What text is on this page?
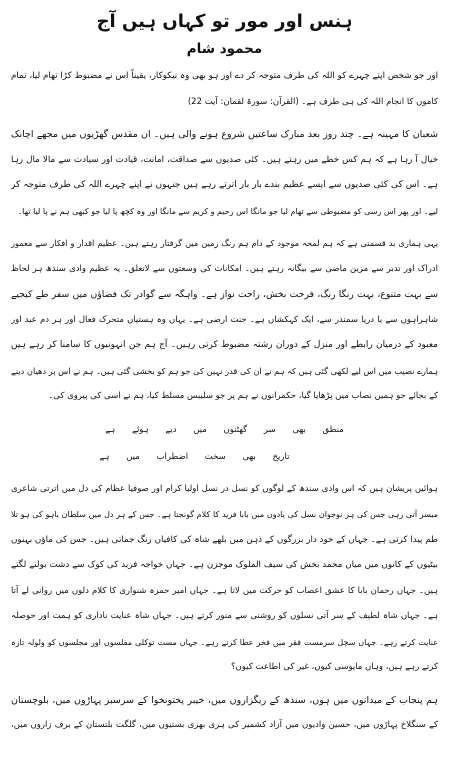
ہنس اور مور تو کہاں ہیں آج
محمود شام
اور جو شخص اپنے چہرے کو اللہ کی طرف متوجہ کر دے اور ہو بھی وہ نیکوکار، یقیناً اس نے مضبوط کڑا تھام لیا، تمام
کاموں کا انجام اللہ کی ہی طرف ہے۔ (القرآن: سورۃ لقمان: آیت 22)
شعبان کا مہینہ ہے۔ چند روز بعد مبارک ساعتیں شروع ہونے والی ہیں۔ ان مقدس گھڑیوں میں مجھے اچانک
خیال آ رہا ہے کہ ہم کس خطے میں رہتے ہیں۔ کئی صدیوں سے صداقت، امانت، قیادت اور سیادت سے مالا مال رہا
ہے۔ اس کی کئی صدیوں سے ایسے عظیم بندے بار بار اترتے رہے ہیں جنہوں نے اپنے چہرے اللہ کی طرف متوجہ کر
لیے۔ اور پھر اس رسی کو مضبوطی سے تھام لیا جو مانگا اس رحیم و کریم سے مانگا اور وہ کچھ پا لیا جو کبھی ہم نے پا لیا تھا۔
یہی ہماری بد قسمتی ہے کہ ہم لمحہ موجود کے دام ہم رنگ زمین میں گرفتار رہتے ہیں۔ عظیم اقدار و افکار سے معمور
ادراک اور تدبر سے مزین ماضی سے بیگانہ رہتے ہیں۔ امکانات کی وسعتوں سے لاتعلق۔ یہ عظیم وادی سندھ ہر لحاظ
سے بہت متنوع، بہت رنگا رنگ، فرحت بخش، راحت نواز ہے۔ واہگہ سے گوادر تک فضاؤں میں سفر طے کیجیے
شاہراہوں سے یا دریا سمندر سے، ایک کہکشاں ہے۔ جنت ارضی ہے۔ یہاں وہ ہستیاں متحرک فعال اور ہر دم عبد اور
معبود کے درمیان رابطے اور منزل کے دوران رشتہ مضبوط کرتی رہیں۔ آج ہم جن انہونیوں کا سامنا کر رہے ہیں
ہمارے نصیب میں اس لیے لکھی گئی ہیں کہ ہم نے ان کی قدر نہیں کی جو ہم کو بخشی گئی ہیں۔ ہم نے اس پر دھیان دینے
کے بجائے جو ہمیں نصاب میں پڑھایا گیا، حکمرانوں نے ہم پر جو سلیبس مسلط کیا، ہم نے اسی کی پیروی کی۔
منطق بھی سر گھٹنوں میں دیے ہوئے ہے
تاریخ بھی سخت اضطراب میں ہے
ہوائیں پریشان ہیں کہ اس وادی سندھ کے لوگوں کو نسل در نسل اولیا کرام اور صوفیا عظام کی دل میں اترتی شاعری
میسر آتی رہی جس کی ہر نوجوان نسل کی یادوں میں بابا فرید کا کلام گونجتا ہے۔ جس کے ہر دل میں سلطان باہو کی ہو تلا
طم پیدا کرتی ہے۔ جہاں کے خود دار بزرگوں کے ذہن میں بلھے شاہ کی کافیاں رنگ جماتی ہیں۔ جس کی ماؤں بہنوں
بیٹیوں کے کانوں میں میاں محمد بخش کی سیف الملوک موجزن ہے۔ جہاں خواجہ فرید کی کوک سے دشت بولنے لگتے
ہیں۔ جہاں رحمان بابا کا عشق اعصاب کو حرکت میں لاتا ہے۔ جہاں امیر حمزہ شنواری کا کلام دلوں میں روانی لے آتا
ہے۔ جہاں شاہ لطیف کے سر آتی نسلوں کو روشنی سے منور کرتے ہیں۔ جہاں شاہ عنایت ناداری کو ہمت اور حوصلہ
عنایت کرتے رہے۔ جہاں سچل سرمست فقر میں فخر عطا کرتے رہے۔ جہاں مست توکلی مفلسوں اور مجلسوں کو ولولہ تازہ
کرتے رہے ہیں، وہاں مایوسی کیوں، غیر کی اطاعت کیوں؟
ہم پنجاب کے میدانوں میں ہوں، سندھ کے ریگزاروں میں، خیبر پختونخوا کے سرسبز پہاڑوں میں، بلوچستان
کے سنگلاخ پہاڑوں میں، حسین وادیوں میں آزاد کشمیر کی ہری بھری بستیوں میں، گلگت بلتستان کے برف زاروں میں،
